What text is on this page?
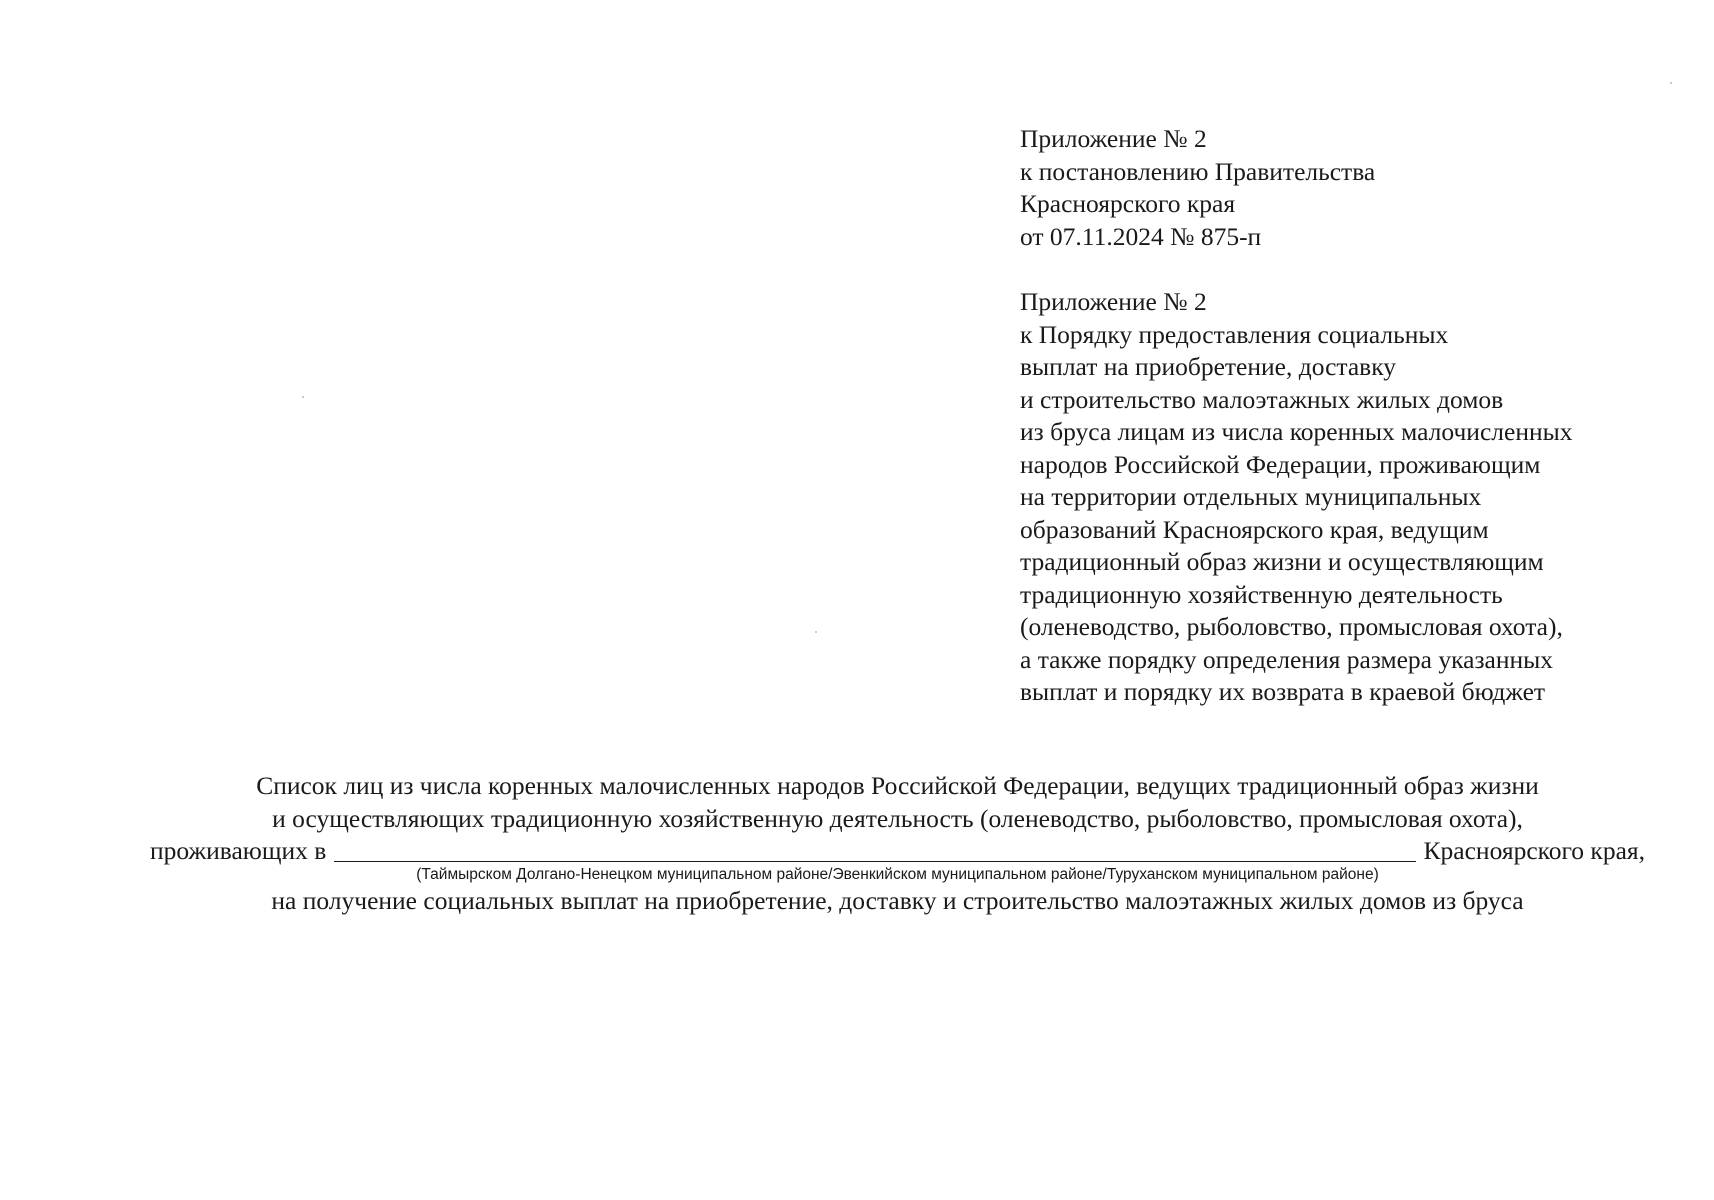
Приложение № 2
к постановлению Правительства
Красноярского края
от 07.11.2024 № 875-п
Приложение № 2
к Порядку предоставления социальных
выплат на приобретение, доставку
и строительство малоэтажных жилых домов
из бруса лицам из числа коренных малочисленных
народов Российской Федерации, проживающим
на территории отдельных муниципальных
образований Красноярского края, ведущим
традиционный образ жизни и осуществляющим
традиционную хозяйственную деятельность
(оленеводство, рыболовство, промысловая охота),
а также порядку определения размера указанных
выплат и порядку их возврата в краевой бюджет
Список лиц из числа коренных малочисленных народов Российской Федерации, ведущих традиционный образ жизни
и осуществляющих традиционную хозяйственную деятельность (оленеводство, рыболовство, промысловая охота),
проживающих в	Красноярского края,
(Таймырском Долгано-Ненецком муниципальном районе/Эвенкийском муниципальном районе/Туруханском муниципальном районе)
на получение социальных выплат на приобретение, доставку и строительство малоэтажных жилых домов из бруса
